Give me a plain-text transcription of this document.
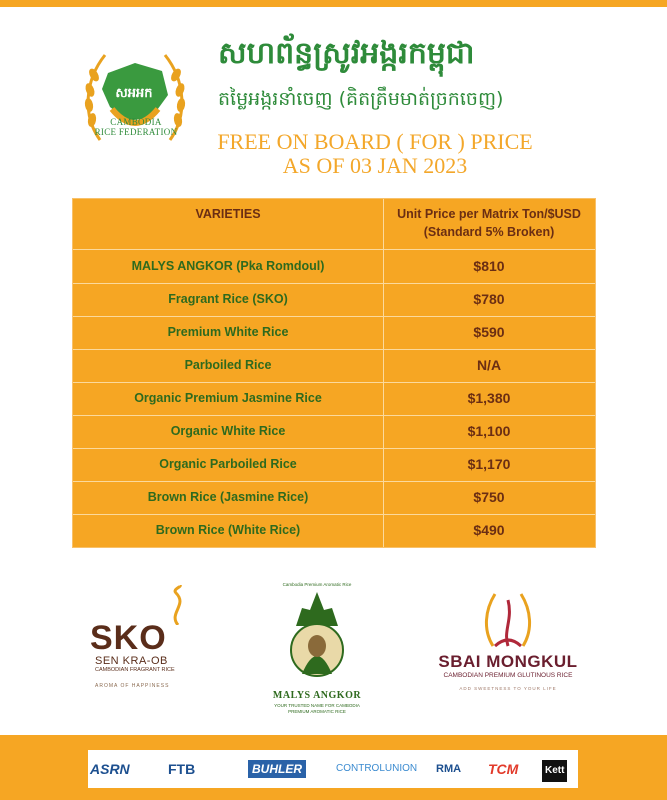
CAMBODIA
RICE FEDERATION
សអអក
សហព័ន្ធស្រូវអង្ករកម្ពុជា
តម្លៃអង្ករនាំចេញ (គិតត្រឹមមាត់ច្រកចេញ)
FREE ON BOARD ( FOR ) PRICE
AS OF 03 JAN 2023
VARIETIES	Unit Price per Matrix Ton/$USD
(Standard 5% Broken)
MALYS ANGKOR (Pka Romdoul)	$810
Fragrant Rice (SKO)	$780
Premium White Rice	$590
Parboiled Rice	N/A
Organic Premium Jasmine Rice	$1,380
Organic White Rice	$1,100
Organic Parboiled Rice	$1,170
Brown Rice (Jasmine Rice)	$750
Brown Rice (White Rice)	$490
SKO
SEN KRA-OB
CAMBODIAN FRAGRANT RICE
AROMA OF HAPPINESS
Cambodia Premium Aromatic Rice
MALYS ANGKOR
YOUR TRUSTED NAME FOR CAMBODIA
PREMIUM AROMATIC RICE
SBAI MONGKUL
CAMBODIAN PREMIUM GLUTINOUS RICE
ADD SWEETNESS TO YOUR LIFE
ASRN	FTB	BUHLER	CONTROLUNION RMA TCM	Kett
